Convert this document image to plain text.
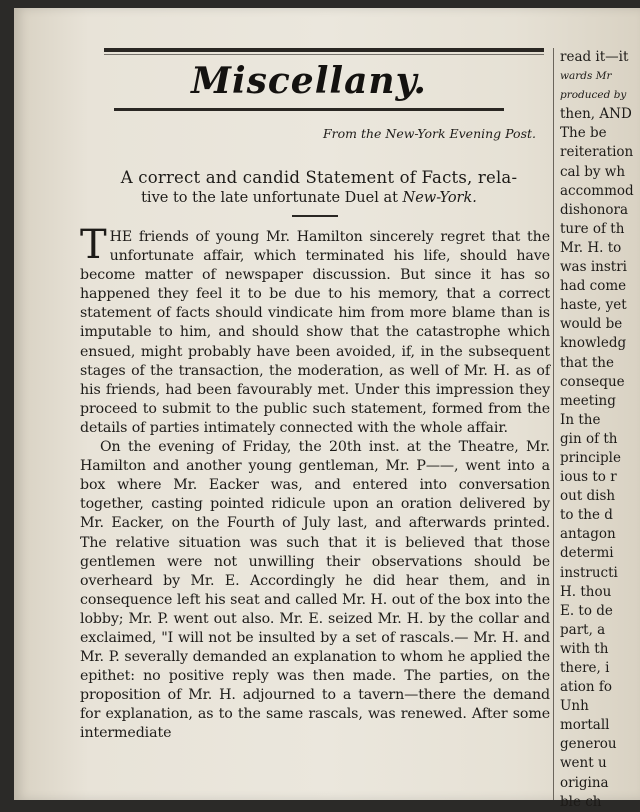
Miscellany.
From the New-York Evening Post.
A correct and candid Statement of Facts, rela-
tive to the late unfortunate Duel at New-York.

THE friends of young Mr. Hamilton sincerely regret that the unfortunate affair, which terminated his life, should have become matter of newspaper discussion. But since it has so happened they feel it to be due to his memory, that a correct statement of facts should vindicate him from more blame than is imputable to him, and should show that the catastrophe which ensued, might probably have been avoided, if, in the subsequent stages of the transaction, the moderation, as well of Mr. H. as of his friends, had been favourably met. Under this impression they proceed to submit to the public such statement, formed from the details of parties intimately connected with the whole affair.

On the evening of Friday, the 20th inst. at the Theatre, Mr. Hamilton and another young gentleman, Mr. P——, went into a box where Mr. Eacker was, and entered into conversation together, casting pointed ridicule upon an oration delivered by Mr. Eacker, on the Fourth of July last, and afterwards printed. The relative situation was such that it is believed that those gentlemen were not unwilling their observations should be overheard by Mr. E. Accordingly he did hear them, and in consequence left his seat and called Mr. H. out of the box into the lobby; Mr. P. went out also. Mr. E. seized Mr. H. by the collar and exclaimed, "I will not be insulted by a set of rascals.— Mr. H. and Mr. P. severally demanded an explanation to whom he applied the epithet: no positive reply was then made. The parties, on the proposition of Mr. H. adjourned to a tavern—there the demand for explanation, as to the same rascals, was renewed. After some intermediate

read it—it
wards Mr
produced by
then, AND
The be
reiteration
cal by wh
accommod
dishonora
ture of th
Mr. H. to
was instri
had come
haste, yet
would be
knowledg
that the
conseque
meeting
In the
gin of th
principle
ious to r
out dish
to the d
antagon
determi
instructi
H. thou
E. to de
part, a
with th
there, i
ation fo
Unh
mortall
generou
went u
origina
ble ch
